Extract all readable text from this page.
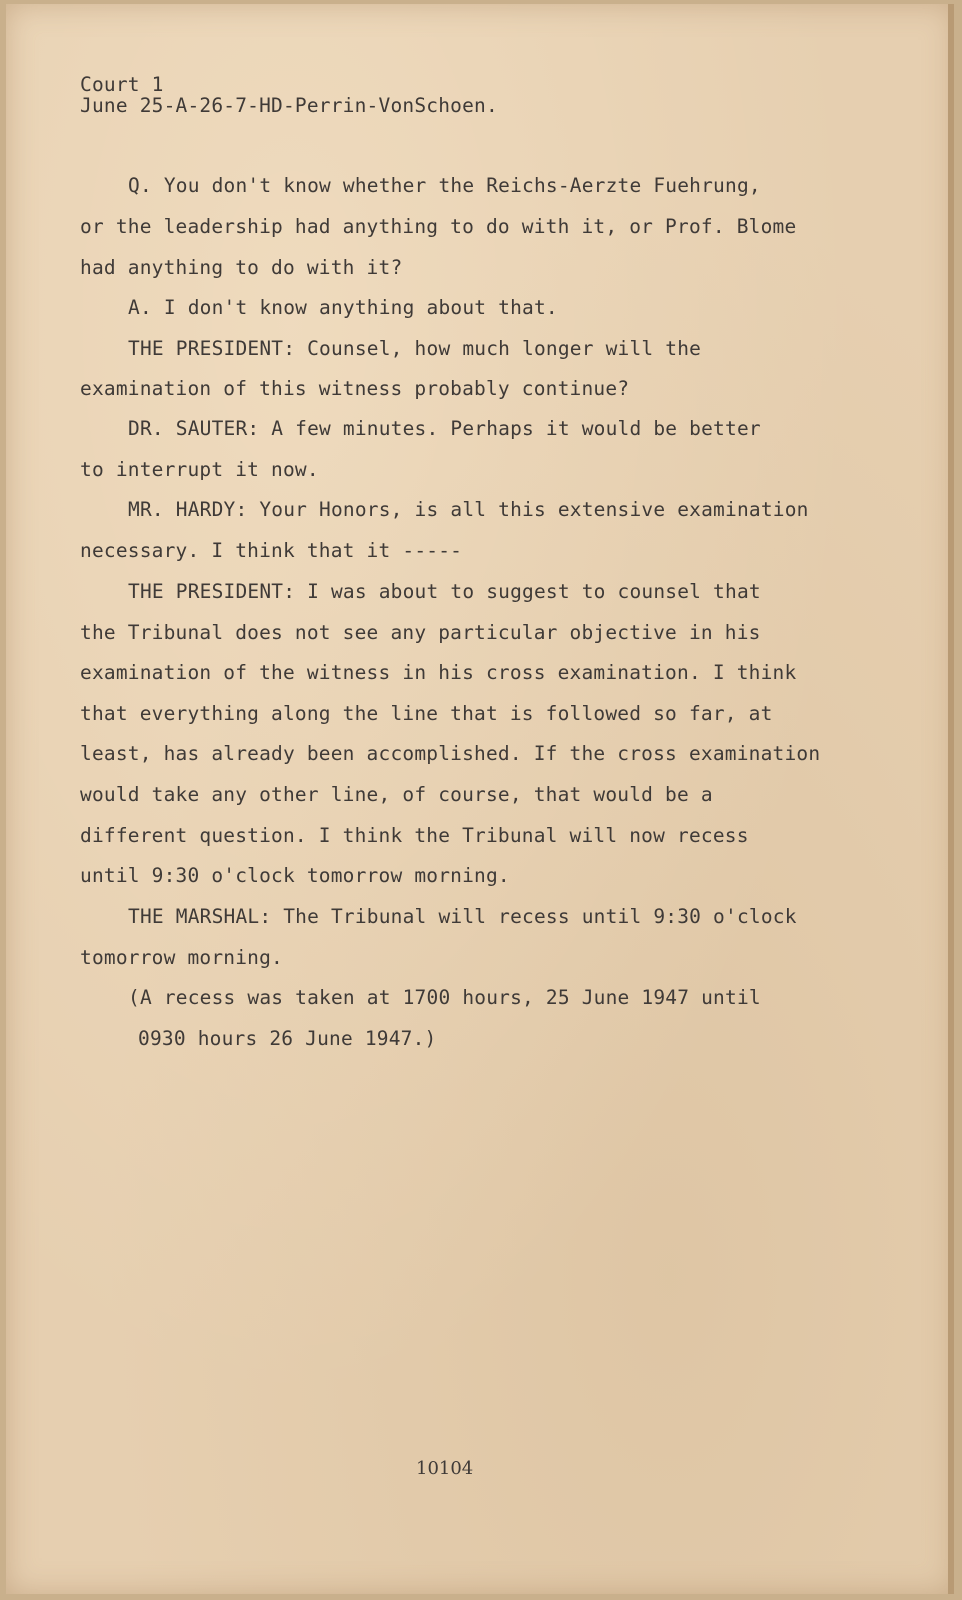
Court 1
June 25-A-26-7-HD-Perrin-VonSchoen.
Q. You don't know whether the Reichs-Aerzte Fuehrung,
or the leadership had anything to do with it, or Prof. Blome
had anything to do with it?
A. I don't know anything about that.
THE PRESIDENT: Counsel, how much longer will the
examination of this witness probably continue?
DR. SAUTER: A few minutes. Perhaps it would be better
to interrupt it now.
MR. HARDY: Your Honors, is all this extensive examination
necessary. I think that it -----
THE PRESIDENT: I was about to suggest to counsel that
the Tribunal does not see any particular objective in his
examination of the witness in his cross examination. I think
that everything along the line that is followed so far, at
least, has already been accomplished. If the cross examination
would take any other line, of course, that would be a
different question. I think the Tribunal will now recess
until 9:30 o'clock tomorrow morning.
THE MARSHAL: The Tribunal will recess until 9:30 o'clock
tomorrow morning.
(A recess was taken at 1700 hours, 25 June 1947 until
0930 hours 26 June 1947.)
10104
